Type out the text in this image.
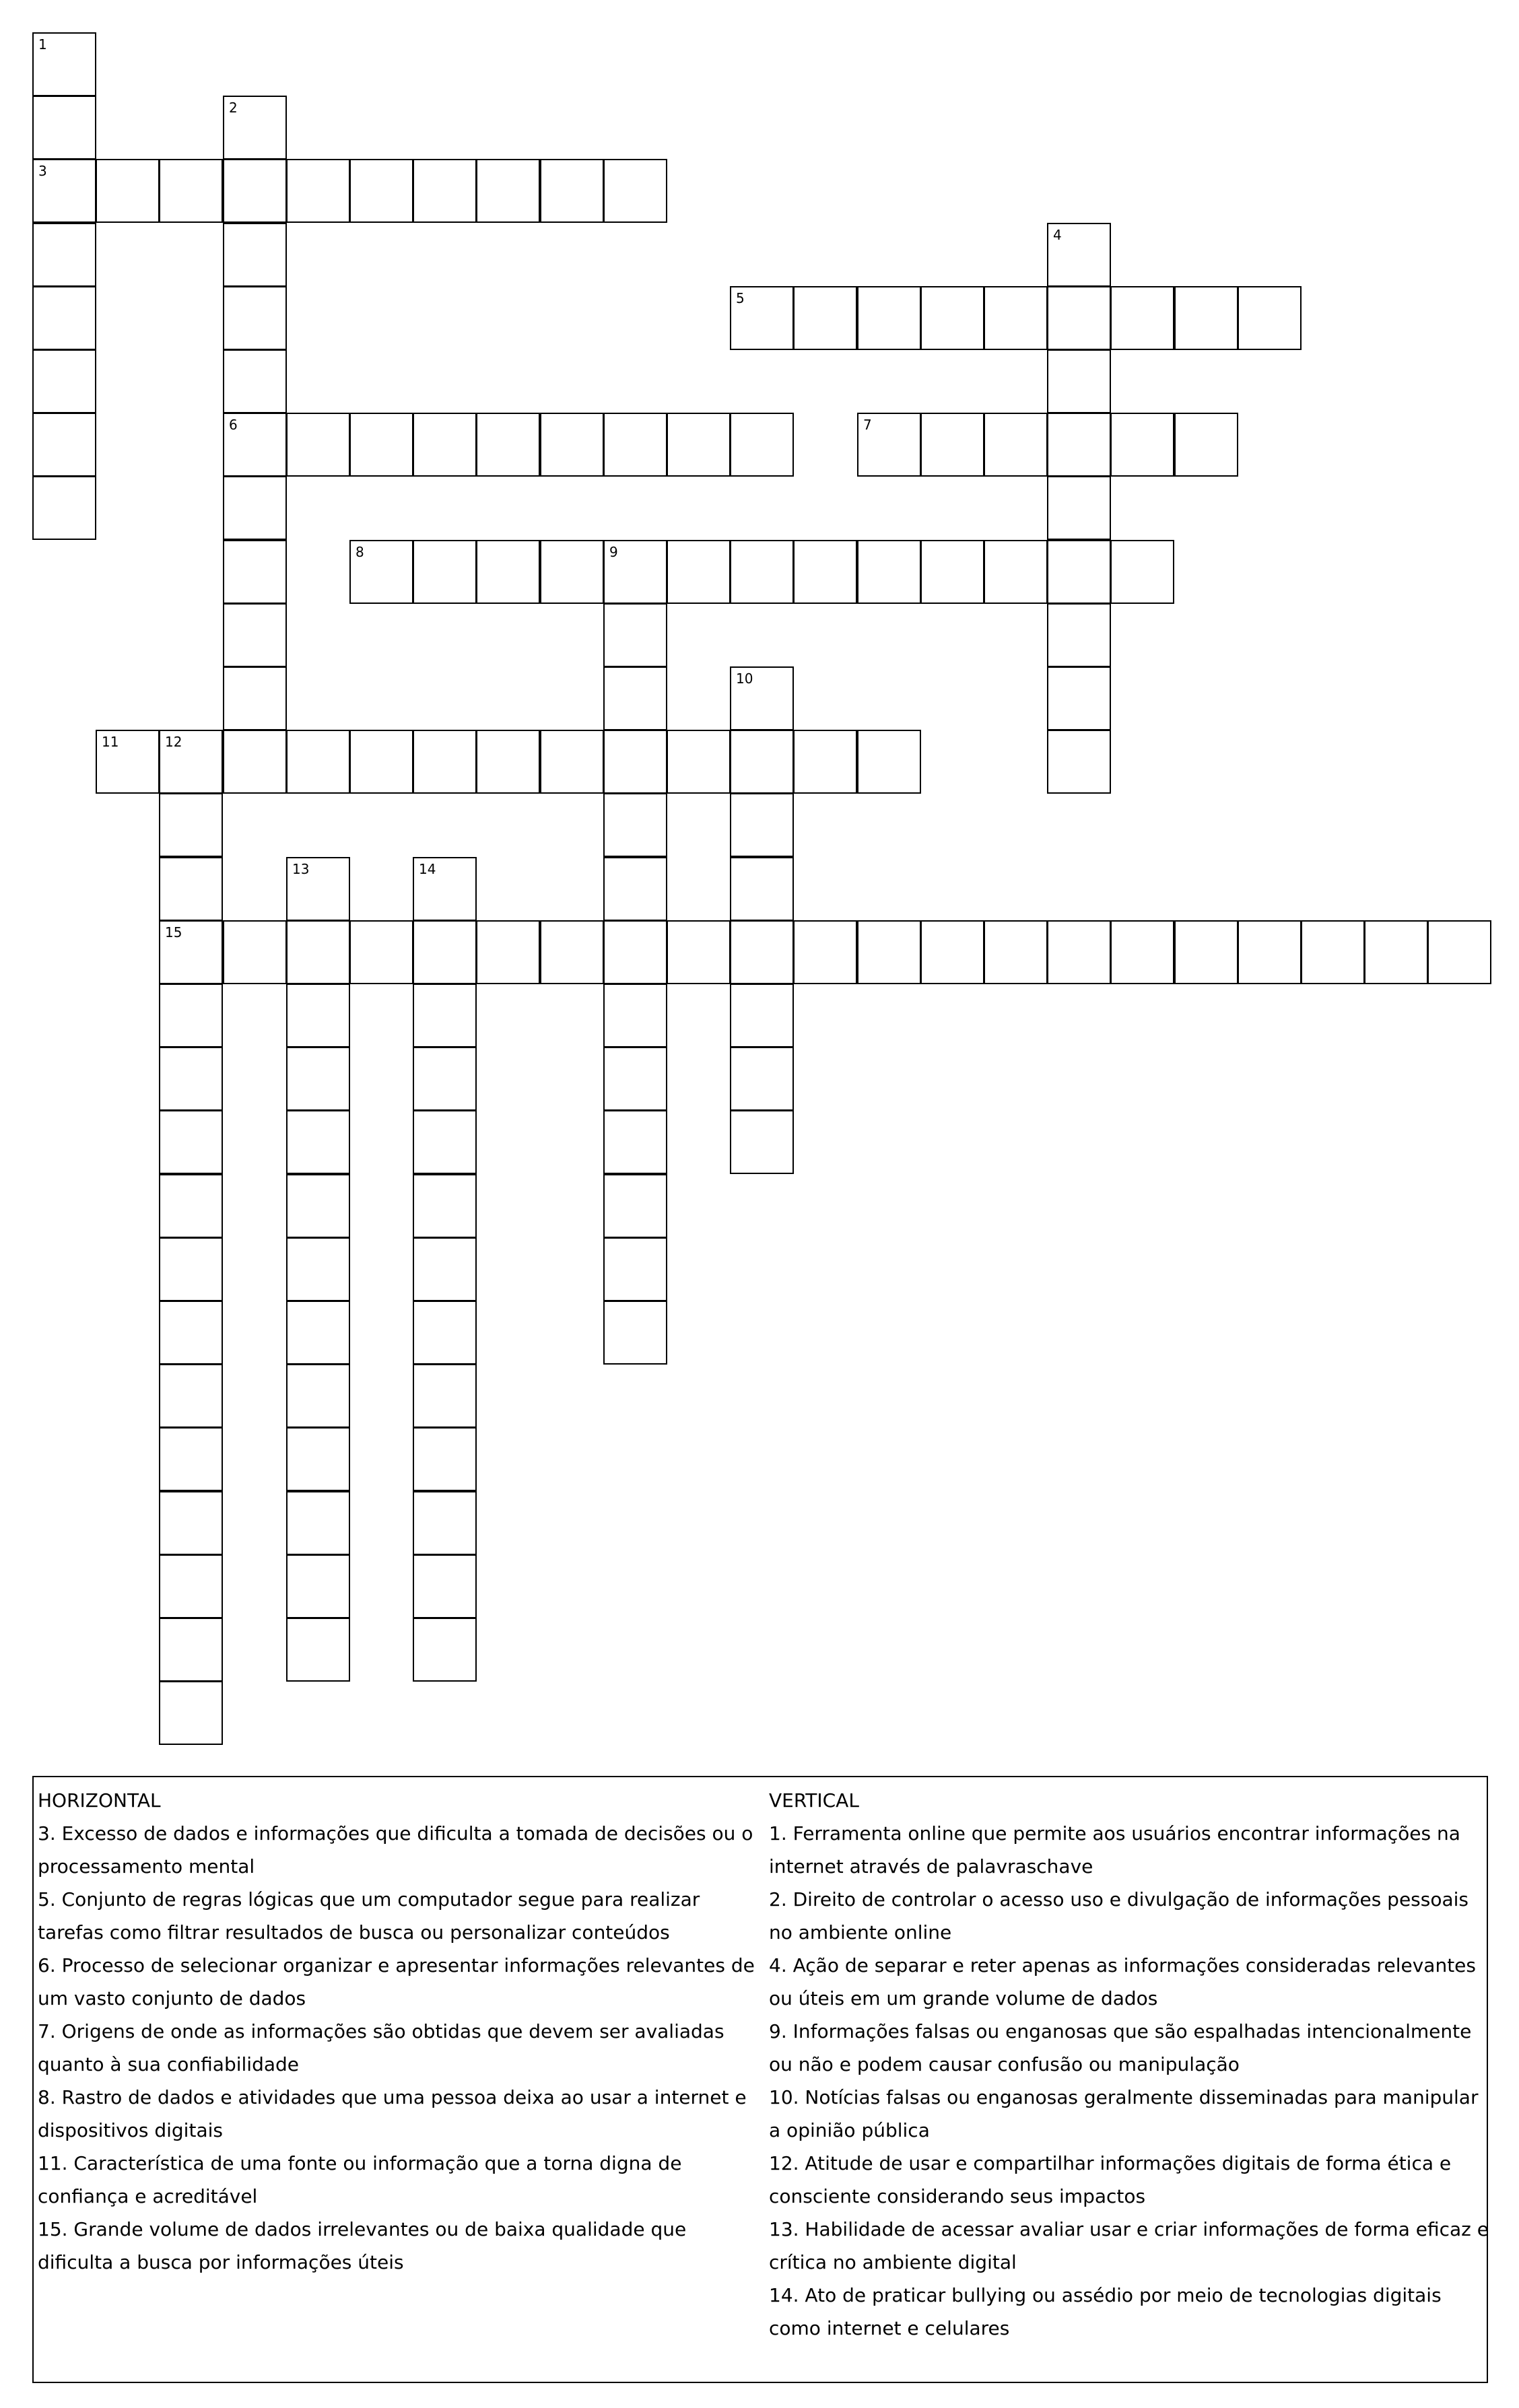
3
5
6	7
8	9
11	12
15
1
2
4
10
13	14
HORIZONTAL
3. Excesso de dados e informações que dificulta a tomada de decisões ou o processamento mental
5. Conjunto de regras lógicas que um computador segue para realizar tarefas como filtrar resultados de busca ou personalizar conteúdos
6. Processo de selecionar organizar e apresentar informações relevantes de um vasto conjunto de dados
7. Origens de onde as informações são obtidas que devem ser avaliadas quanto à sua confiabilidade
8. Rastro de dados e atividades que uma pessoa deixa ao usar a internet e dispositivos digitais
11. Característica de uma fonte ou informação que a torna digna de confiança e acreditável
15. Grande volume de dados irrelevantes ou de baixa qualidade que dificulta a busca por informações úteis
VERTICAL
1. Ferramenta online que permite aos usuários encontrar informações na internet através de palavraschave
2. Direito de controlar o acesso uso e divulgação de informações pessoais no ambiente online
4. Ação de separar e reter apenas as informações consideradas relevantes ou úteis em um grande volume de dados
9. Informações falsas ou enganosas que são espalhadas intencionalmente ou não e podem causar confusão ou manipulação
10. Notícias falsas ou enganosas geralmente disseminadas para manipular a opinião pública
12. Atitude de usar e compartilhar informações digitais de forma ética e consciente considerando seus impactos
13. Habilidade de acessar avaliar usar e criar informações de forma eficaz e crítica no ambiente digital
14. Ato de praticar bullying ou assédio por meio de tecnologias digitais como internet e celulares
